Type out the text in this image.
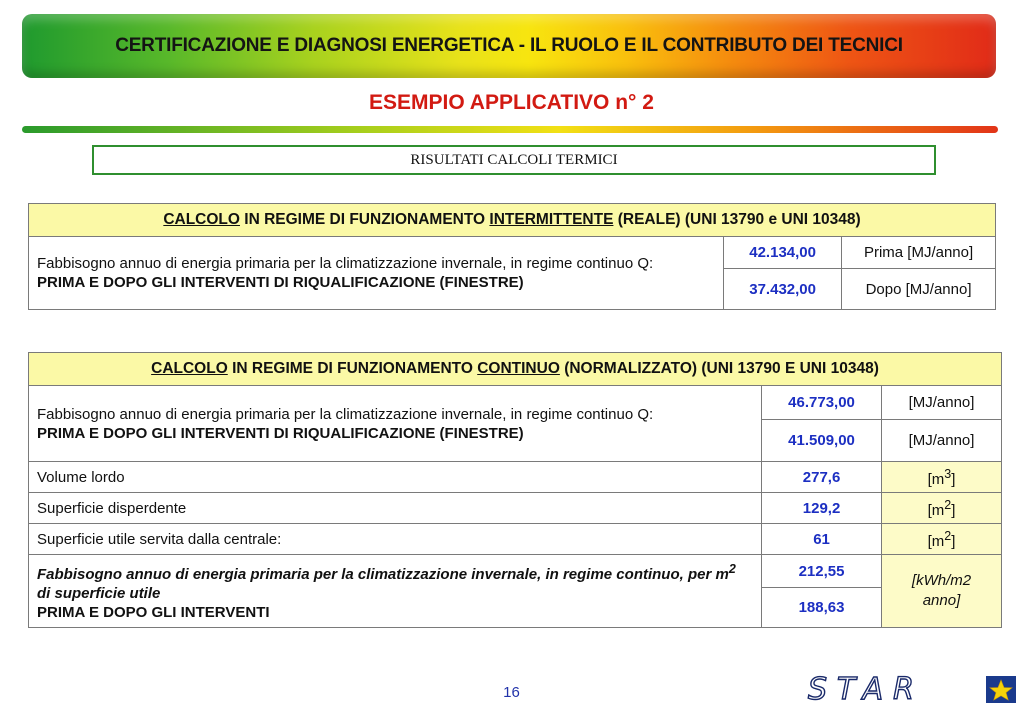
CERTIFICAZIONE E DIAGNOSI ENERGETICA - IL RUOLO E IL CONTRIBUTO DEI TECNICI
ESEMPIO APPLICATIVO n° 2
RISULTATI CALCOLI TERMICI
CALCOLO IN REGIME DI FUNZIONAMENTO INTERMITTENTE (REALE) (UNI 13790 e UNI 10348)		
Fabbisogno annuo di energia primaria per la climatizzazione invernale, in regime continuo Q:
PRIMA E DOPO GLI INTERVENTI DI RIQUALIFICAZIONE (FINESTRE)	42.134,00	Prima [MJ/anno]
	37.432,00	Dopo [MJ/anno]
CALCOLO IN REGIME DI FUNZIONAMENTO CONTINUO (NORMALIZZATO) (UNI 13790 E UNI 10348)		
Fabbisogno annuo di energia primaria per la climatizzazione invernale, in regime continuo Q:
PRIMA E DOPO GLI INTERVENTI DI RIQUALIFICAZIONE (FINESTRE)	46.773,00	[MJ/anno]
	41.509,00	[MJ/anno]
Volume lordo	277,6	$[m^3]$
Superficie disperdente	129,2	$[m^2]$
Superficie utile servita dalla centrale:	61	$[m^2]$
Fabbisogno annuo di energia primaria per la climatizzazione invernale, in regime continuo, per $m^2$ di superficie utile
PRIMA E DOPO GLI INTERVENTI	212,55	[kWh/m2 anno]
	188,63	
16	STAR
